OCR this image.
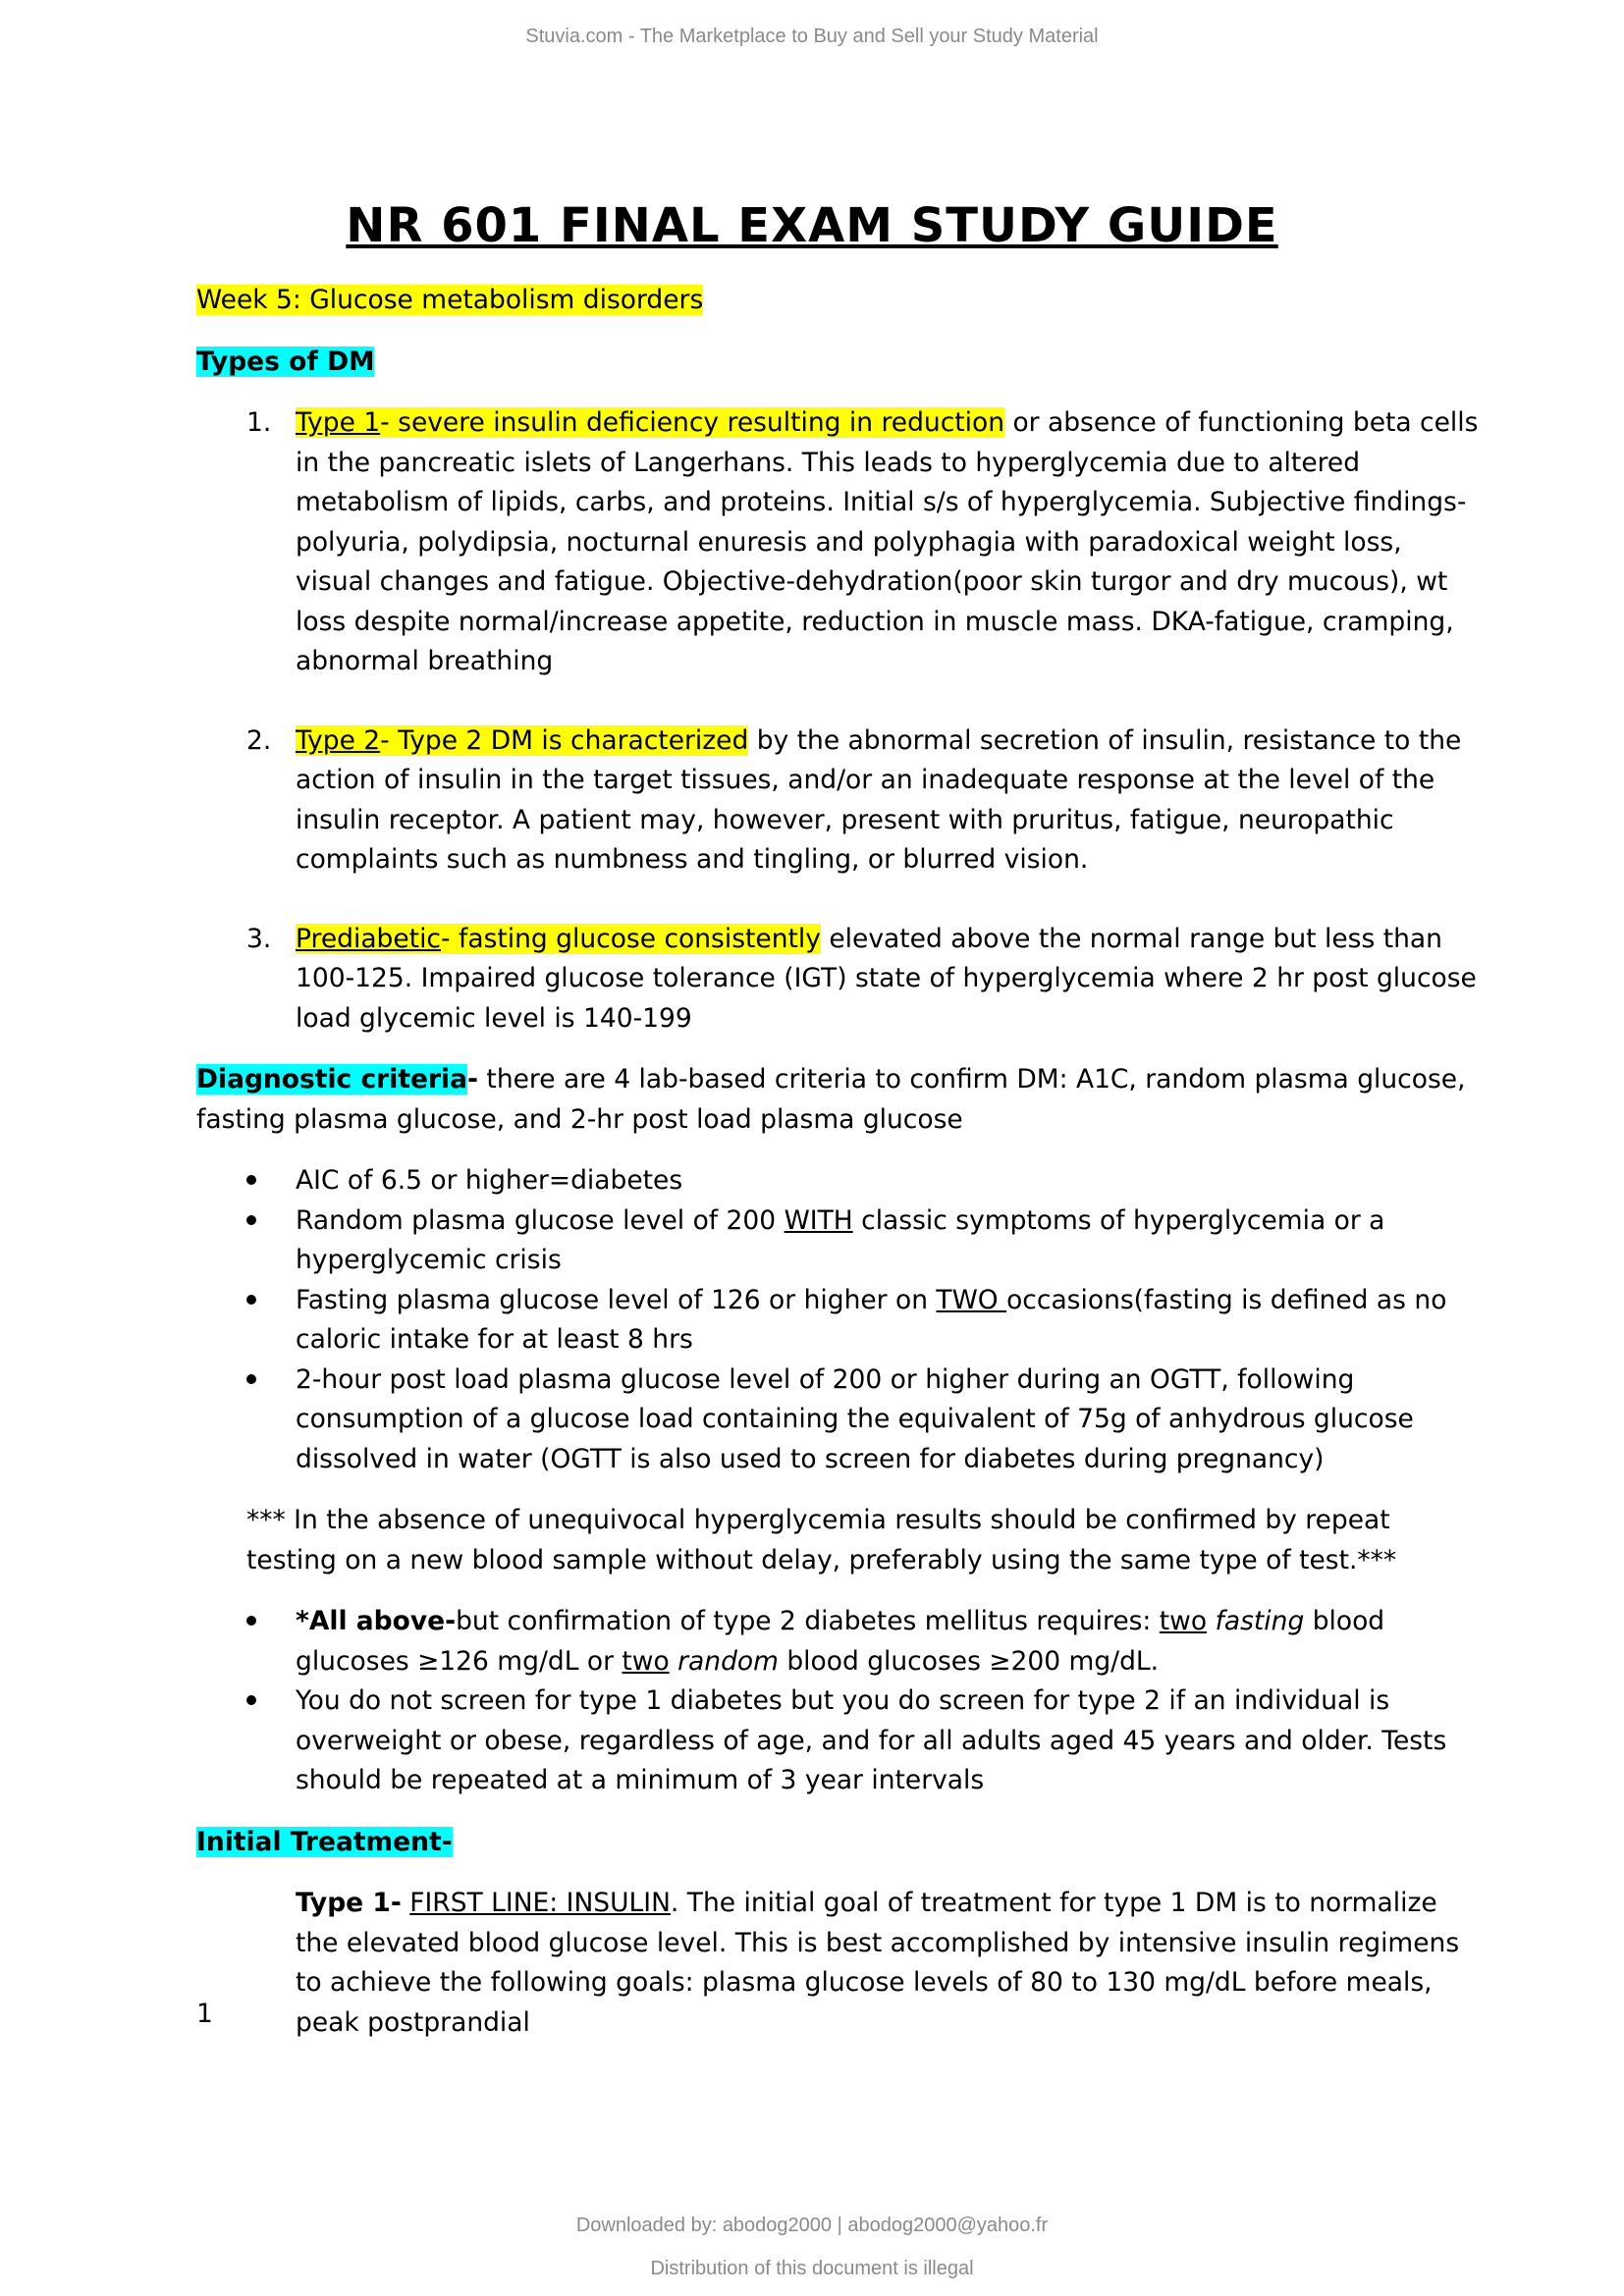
Stuvia.com - The Marketplace to Buy and Sell your Study Material
NR 601 FINAL EXAM STUDY GUIDE

Week 5: Glucose metabolism disorders

Types of DM

1. Type 1- severe insulin deficiency resulting in reduction or absence of functioning beta cells in the pancreatic islets of Langerhans. This leads to hyperglycemia due to altered metabolism of lipids, carbs, and proteins. Initial s/s of hyperglycemia. Subjective findings- polyuria, polydipsia, nocturnal enuresis and polyphagia with paradoxical weight loss, visual changes and fatigue. Objective-dehydration(poor skin turgor and dry mucous), wt loss despite normal/increase appetite, reduction in muscle mass. DKA-fatigue, cramping, abnormal breathing

2. Type 2- Type 2 DM is characterized by the abnormal secretion of insulin, resistance to the action of insulin in the target tissues, and/or an inadequate response at the level of the insulin receptor. A patient may, however, present with pruritus, fatigue, neuropathic complaints such as numbness and tingling, or blurred vision.

3. Prediabetic- fasting glucose consistently elevated above the normal range but less than 100-125. Impaired glucose tolerance (IGT) state of hyperglycemia where 2 hr post glucose load glycemic level is 140-199

Diagnostic criteria- there are 4 lab-based criteria to confirm DM: A1C, random plasma glucose, fasting plasma glucose, and 2-hr post load plasma glucose

AIC of 6.5 or higher=diabetes

Random plasma glucose level of 200 WITH classic symptoms of hyperglycemia or a hyperglycemic crisis

Fasting plasma glucose level of 126 or higher on TWO occasions(fasting is defined as no caloric intake for at least 8 hrs

2-hour post load plasma glucose level of 200 or higher during an OGTT, following consumption of a glucose load containing the equivalent of 75g of anhydrous glucose dissolved in water (OGTT is also used to screen for diabetes during pregnancy)

*** In the absence of unequivocal hyperglycemia results should be confirmed by repeat testing on a new blood sample without delay, preferably using the same type of test.***

*All above-but confirmation of type 2 diabetes mellitus requires: two fasting blood glucoses ≥126 mg/dL or two random blood glucoses ≥200 mg/dL.

You do not screen for type 1 diabetes but you do screen for type 2 if an individual is overweight or obese, regardless of age, and for all adults aged 45 years and older. Tests should be repeated at a minimum of 3 year intervals

Initial Treatment-

Type 1- FIRST LINE: INSULIN. The initial goal of treatment for type 1 DM is to normalize the elevated blood glucose level. This is best accomplished by intensive insulin regimens to achieve the following goals: plasma glucose levels of 80 to 130 mg/dL before meals, peak postprandial

1
Downloaded by: abodog2000 | abodog2000@yahoo.fr
Distribution of this document is illegal
